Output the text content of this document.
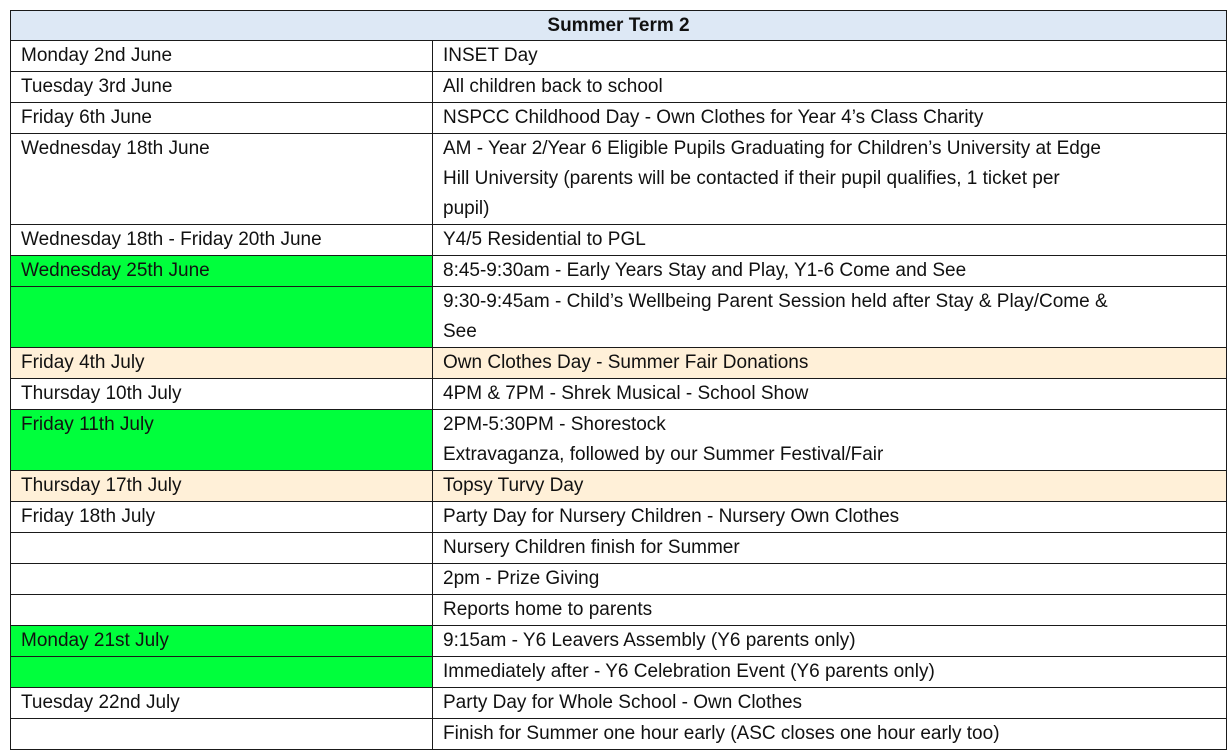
Summer Term 2	
Monday 2nd June	INSET Day

Tuesday 3rd June	All children back to school

Friday 6th June	NSPCC Childhood Day - Own Clothes for Year 4’s Class Charity

Wednesday 18th June	AM - Year 2/Year 6 Eligible Pupils Graduating for Children’s University at Edge
Hill University (parents will be contacted if their pupil qualifies, 1 ticket per
pupil)

Wednesday 18th - Friday 20th June	Y4/5 Residential to PGL

Wednesday 25th June	8:45-9:30am - Early Years Stay and Play, Y1-6 Come and See

	9:30-9:45am - Child’s Wellbeing Parent Session held after Stay & Play/Come &
See

Friday 4th July	Own Clothes Day - Summer Fair Donations

Thursday 10th July	4PM & 7PM - Shrek Musical - School Show

Friday 11th July	2PM-5:30PM - Shorestock
Extravaganza, followed by our Summer Festival/Fair

Thursday 17th July	Topsy Turvy Day

Friday 18th July	Party Day for Nursery Children - Nursery Own Clothes

	Nursery Children finish for Summer

	2pm - Prize Giving

	Reports home to parents

Monday 21st July	9:15am - Y6 Leavers Assembly (Y6 parents only)

	Immediately after - Y6 Celebration Event (Y6 parents only)

Tuesday 22nd July	Party Day for Whole School - Own Clothes

	Finish for Summer one hour early (ASC closes one hour early too)
